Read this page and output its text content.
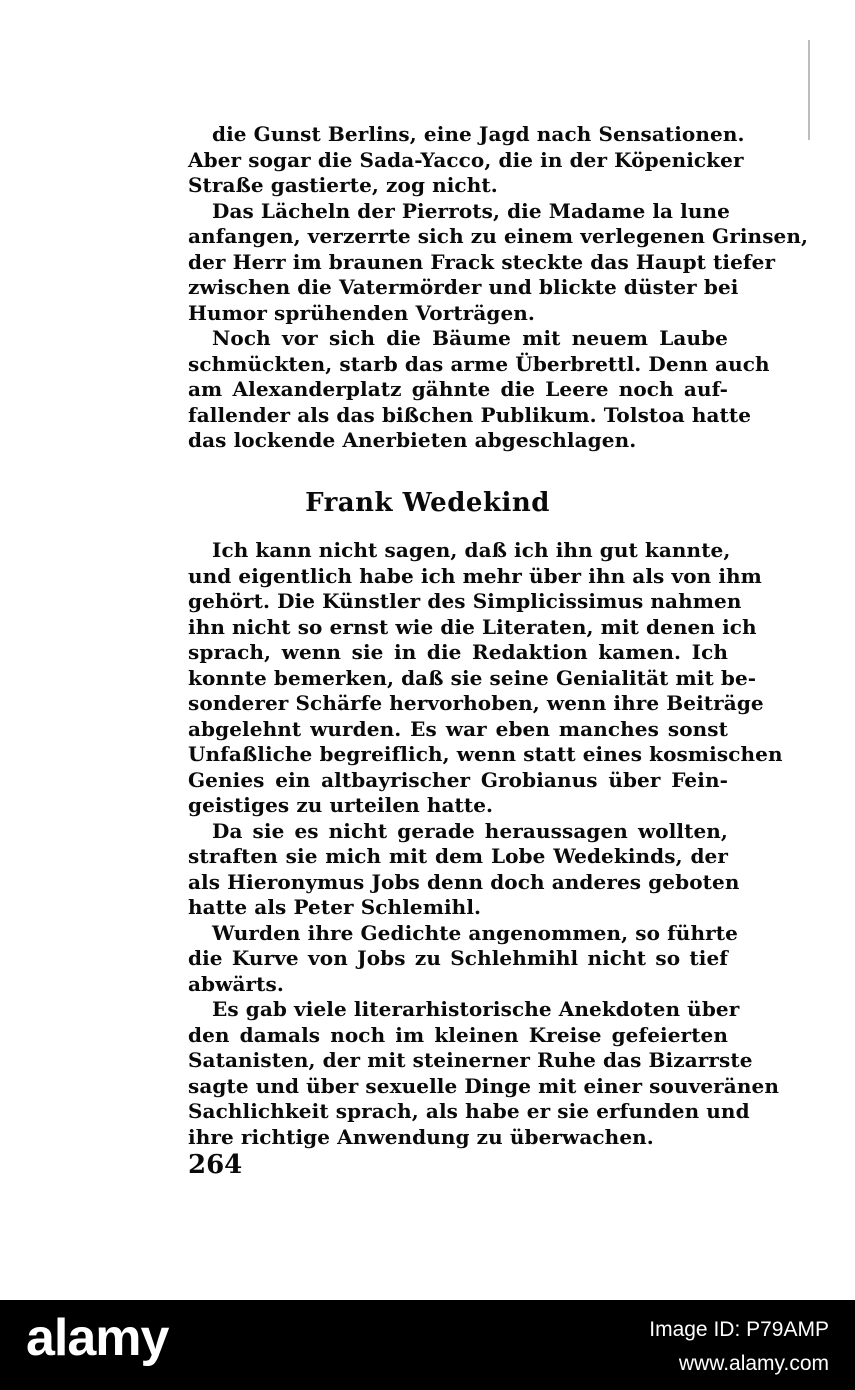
die Gunst Berlins, eine Jagd nach Sensationen.
Aber sogar die Sada-Yacco, die in der Köpenicker
Straße gastierte, zog nicht.
Das Lächeln der Pierrots, die Madame la lune
anfangen, verzerrte sich zu einem verlegenen Grinsen,
der Herr im braunen Frack steckte das Haupt tiefer
zwischen die Vatermörder und blickte düster bei
Humor sprühenden Vorträgen.
Noch vor sich die Bäume mit neuem Laube
schmückten, starb das arme Überbrettl. Denn auch
am Alexanderplatz gähnte die Leere noch auf-
fallender als das bißchen Publikum. Tolstoa hatte
das lockende Anerbieten abgeschlagen.
Frank Wedekind
Ich kann nicht sagen, daß ich ihn gut kannte,
und eigentlich habe ich mehr über ihn als von ihm
gehört. Die Künstler des Simplicissimus nahmen
ihn nicht so ernst wie die Literaten, mit denen ich
sprach, wenn sie in die Redaktion kamen. Ich
konnte bemerken, daß sie seine Genialität mit be-
sonderer Schärfe hervorhoben, wenn ihre Beiträge
abgelehnt wurden. Es war eben manches sonst
Unfaßliche begreiflich, wenn statt eines kosmischen
Genies ein altbayrischer Grobianus über Fein-
geistiges zu urteilen hatte.
Da sie es nicht gerade heraussagen wollten,
straften sie mich mit dem Lobe Wedekinds, der
als Hieronymus Jobs denn doch anderes geboten
hatte als Peter Schlemihl.
Wurden ihre Gedichte angenommen, so führte
die Kurve von Jobs zu Schlehmihl nicht so tief
abwärts.
Es gab viele literarhistorische Anekdoten über
den damals noch im kleinen Kreise gefeierten
Satanisten, der mit steinerner Ruhe das Bizarrste
sagte und über sexuelle Dinge mit einer souveränen
Sachlichkeit sprach, als habe er sie erfunden und
ihre richtige Anwendung zu überwachen.
264
alamy	Image ID: P79AMP
www.alamy.com
